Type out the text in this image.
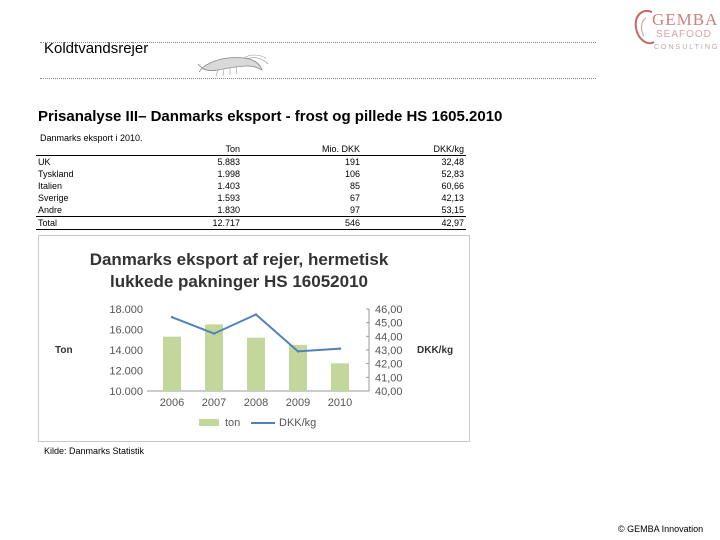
Koldtvandsrejer
GEMBA
SEAFOOD
CONSULTING
Prisanalyse III– Danmarks eksport - frost og pillede HS 1605.2010
Danmarks eksport i 2010.
	Ton	Mio. DKK	DKK/kg
UK	5.883	191	32,48
Tyskland	1.998	106	52,83
Italien	1.403	85	60,66
Sverige	1.593	67	42,13
Andre	1.830	97	53,15
Total	12.717	546	42,97
Danmarks eksport af rejer, hermetisk
lukkede pakninger HS 16052010
10.000
12.000
14.000
16.000
18.000
40,00
41,00
42,00
43,00
44,00
45,00
46,00
Ton	DKK/kg
2006 2007 2008 2009 2010
ton	DKK/kg
Kilde: Danmarks Statistik
© GEMBA Innovation
